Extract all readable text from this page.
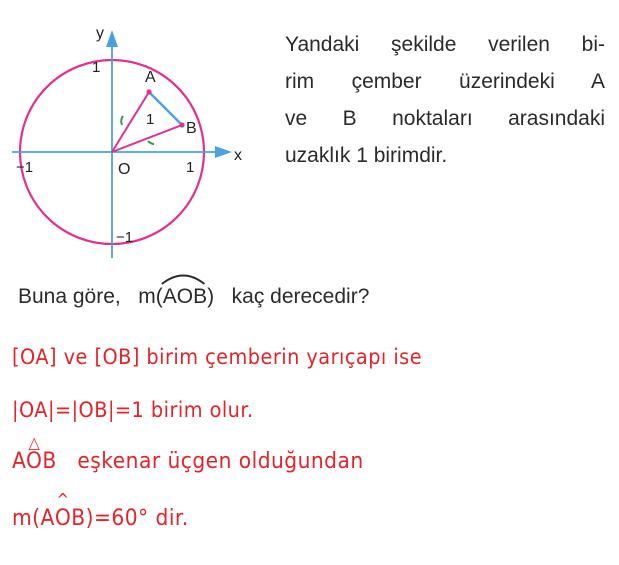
y
x
1
−1
1
−1
A
B
O
1
Yandaki şekilde verilen bi-
rim çember üzerindeki A
ve B noktaları arasındaki
uzaklık 1 birimdir.
Buna göre, m(
AOB) kaç derecedir?
[OA] ve [OB] birim çemberin yarıçapı ise
|OA|=|OB|=1 birim olur.
△
AOB eşkenar üçgen olduğundan
m(A
^
OB)=60° dir.
